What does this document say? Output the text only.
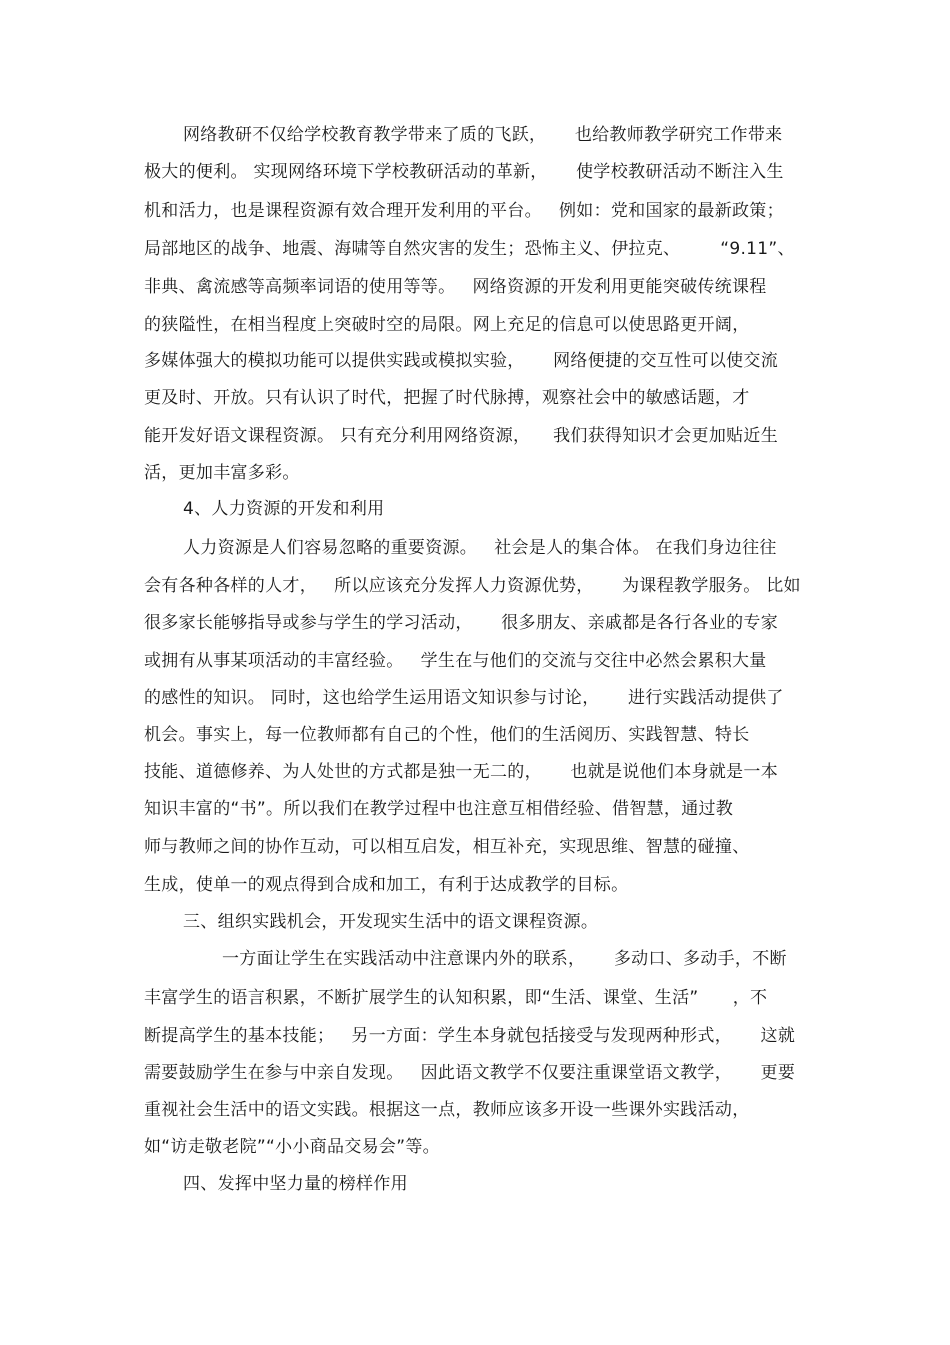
网络教研不仅给学校教育教学带来了质的飞跃，     也给教师教学研究工作带来
极大的便利。 实现网络环境下学校教研活动的革新，     使学校教研活动不断注入生
机和活力，也是课程资源有效合理开发利用的平台。   例如：党和国家的最新政策；
局部地区的战争、地震、海啸等自然灾害的发生；恐怖主义、伊拉克、       “9.11”、
非典、禽流感等高频率词语的使用等等。   网络资源的开发利用更能突破传统课程
的狭隘性，在相当程度上突破时空的局限。网上充足的信息可以使思路更开阔，
多媒体强大的模拟功能可以提供实践或模拟实验，     网络便捷的交互性可以使交流
更及时、开放。只有认识了时代，把握了时代脉搏，观察社会中的敏感话题，才
能开发好语文课程资源。 只有充分利用网络资源，    我们获得知识才会更加贴近生
活，更加丰富多彩。
4、人力资源的开发和利用
人力资源是人们容易忽略的重要资源。   社会是人的集合体。 在我们身边往往
会有各种各样的人才，   所以应该充分发挥人力资源优势，     为课程教学服务。 比如
很多家长能够指导或参与学生的学习活动，     很多朋友、亲戚都是各行各业的专家
或拥有从事某项活动的丰富经验。   学生在与他们的交流与交往中必然会累积大量
的感性的知识。 同时，这也给学生运用语文知识参与讨论，     进行实践活动提供了
机会。事实上，每一位教师都有自己的个性，他们的生活阅历、实践智慧、特长
技能、道德修养、为人处世的方式都是独一无二的，     也就是说他们本身就是一本
知识丰富的“书”。所以我们在教学过程中也注意互相借经验、借智慧，通过教
师与教师之间的协作互动，可以相互启发，相互补充，实现思维、智慧的碰撞、
生成，使单一的观点得到合成和加工，有利于达成教学的目标。
三、组织实践机会，开发现实生活中的语文课程资源。
一方面让学生在实践活动中注意课内外的联系，     多动口、多动手，不断
丰富学生的语言积累，不断扩展学生的认知积累，即“生活、课堂、生活”      ，不
断提高学生的基本技能；   另一方面：学生本身就包括接受与发现两种形式，     这就
需要鼓励学生在参与中亲自发现。   因此语文教学不仅要注重课堂语文教学，     更要
重视社会生活中的语文实践。根据这一点，教师应该多开设一些课外实践活动，
如“访走敬老院”“小小商品交易会”等。
四、发挥中坚力量的榜样作用
